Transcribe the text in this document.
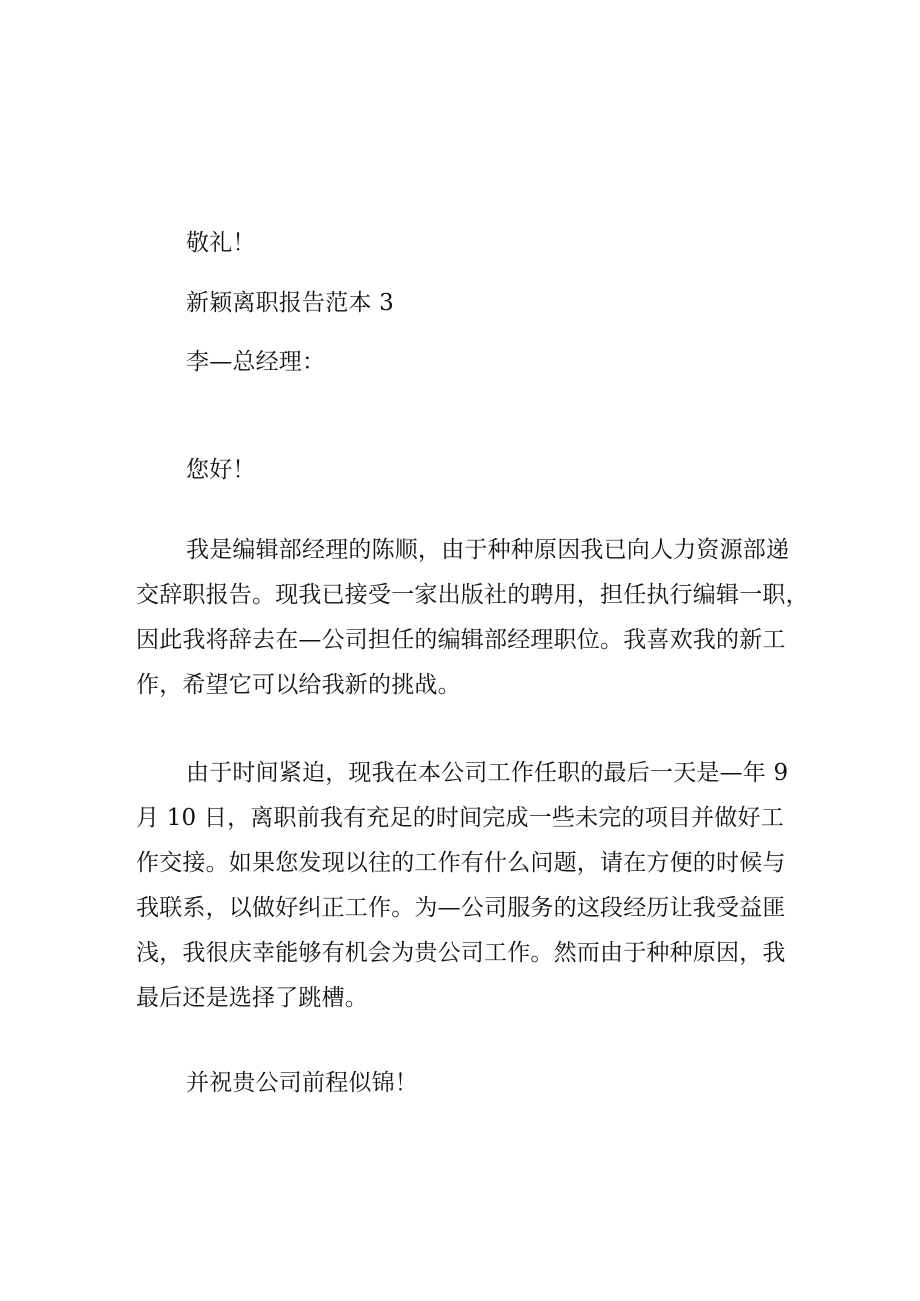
敬礼！
新颖离职报告范本 3
李—总经理：
您好！
我是编辑部经理的陈顺，由于种种原因我已向人力资源部递
交辞职报告。现我已接受一家出版社的聘用，担任执行编辑一职，
因此我将辞去在—公司担任的编辑部经理职位。我喜欢我的新工
作，希望它可以给我新的挑战。
由于时间紧迫，现我在本公司工作任职的最后一天是—年 9
月 10 日，离职前我有充足的时间完成一些未完的项目并做好工
作交接。如果您发现以往的工作有什么问题，请在方便的时候与
我联系，以做好纠正工作。为—公司服务的这段经历让我受益匪
浅，我很庆幸能够有机会为贵公司工作。然而由于种种原因，我
最后还是选择了跳槽。
并祝贵公司前程似锦！
